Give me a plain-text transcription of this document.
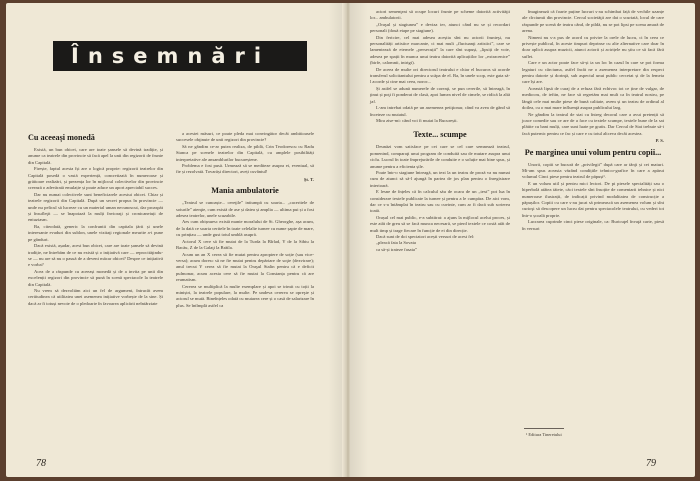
Însemnări
Cu aceeași monedă

Există, un bun obicei, care are toate șansele să devină tradiție, și anume ca teatrele din provincie să facă apel la unii din regizorii de frunte din Capitală.

Firește, faptul acesta își are o logică proprie: regizorii teatrelor din Capitală posedă o vastă experiență, concretizată în numeroase și grăitoare realizări, și prezența lor în mijlocul colectivelor din provincie creează o adevărată emulație și poate aduce un aport apreciabil succes.

Dar nu numai colectivele sunt beneficiarele acestui obicei. Chiar și teatrele regizorii din Capitală. După un secret propus în provincie — unde nu pelicul să lucreze cu un material uman necunoscut, dar proaspăt și însufleţit — se înapoiază la mulți învioraţi și cronicaneiuți de entuziasm.

Ba, citeodată, generic la confruntii din capitala țării și unele interesante evaduri din sublon, unele vizitaţi regionale meurite a-i pune pe gânduri.

Dacă există, așadar, acest bun obicei, care are toate șansele să devină tradiție, ne întrebăm de ce nu există și o inițiativă care — reprocităţindu-se — nu are să nu o pasuă de a deveni măcar obicei? Despre ce inițiativă e vorba?

Acea de a răspunde cu aceeași monedă și de a invita pe unii din excelenții regizori din provincie să pună în scenă spectacole la teatrele din Capitală.

Nu vrem să dezvoltăm aici un fel de argument, întrucât avem certitudinea că utilitatea unei asemenea inițiative vorbește de la sine. Și dacă ar fi totuși nevoie de o pledoarie în favoarea aplicării neîntârziate

a acestei măsuri, ce poate pleda mai convingător decât ambitioasele succesele obţinute de unii regizori din provincie?

Să ne gândim ce-ar putea realiza, de pildă, Crin Teodorescu cu Radu Stanca pe scenele teatrelor din Capitală, cu amplele posibilități interpretative ale ansamblurilor bucureștene.

Problema e fost pusă. Urmează să se mediteze asupra ei, eventual, să fie și rezolvată. Tovarăși directori, aveți cuvântul!

Șt. T.
Mania ambulatorie

„Teatrul se cunoaște... cereţile” intiumpă cu soarta... „caceritele de soiurile” atenţie, cum există de ase și datea și amplia — ultima pui și a fost adesea teatrelor, unele scuzabile.

Aes cum obișnuesc există manie moralului de St. Gheorghe, așa acum, de la dată ce soarta ceritele în toate celelalte turnee cu nume șapte de mare, cu prințiau — unde gust totul umblă asupră.

Actorul X cere să fie mutat de la Turda la Bîrlad, Y de la Sibiu la Bacău, Z de la Galaţi la Brăila.

Acum un an X cerea să fie mutat pentru apropiere de soție (sau vice-versa); acum doresc să ne fie mutat pentru depărtare de soţie (dezvirare); anul trecut Y cerea să fie mutat la Oraşul Stalin pentru că e deficit pulmonar, acum acesta cere să fie mutat la Constanța pentru că are reumatism.

Cererea se multiplică la multe exemplare și apoi se trimit cu toții la miniștri, la teatrele populare, la multe. Pe undeva cererea se opreşte și actorul se mută. Bineînțeles odată cu mutarea cere și o casă de salarizare în plus. Se întîmplă astfel ca

78

actori semenţeai să ocupe locuri frunte pe scheme datorită activităţii lor... ambulatorii.

„Oraşul și stagiunea” e deviza ier, atunci când nu se și recordari personali (două etape pe stagiune).

Din fericire, cel mai adesea aceștia sînt nu actorii frunteşi, nu personalități artistice marcante, ci mai mult „fluctuanţi artistici”, care se lamentează de eternele „persecuții” la care sînt supuși, „lipsiți de voie, adesea pe spații în munca unui teatru datorită aplicațiilor lor „extracenice” (birfe, calomnii, intrigi).

De aceea de multe ori directorul teatrului e chiar el bucuros să acorde transferul solicitantului pentru a scăpa de el. Ba, în unele scop, este gata să-l acorde și cine mai ceea, noroc...

Și astfel se adună numerele de coreaţi, se pun cererile, să întreagă, în ţinut și poţi fi ponderat de clasă, apoi lumea nivel de cimele, se ridică la altă jaf.

L-am intrebat odată pe un asemenea petiţionar, când va avea de gând să înceteze cu mutatul.

Mira zise-mi: când voi fi mutat la București.

Texte... scumpe

Deunăzi vom satisface pe cei care se cel care semnează teatrul, pomenind, comparaţi unui program de conduită sau de mutare asupra unui ciclu. Lucrul în toate împrejurările de conduite e o soluție mai bine spus, și anume pentru a eficienta șile.

Poate într-o stagiune întreagă, un text la un teatru de proză va nu numai cum de atunci să să-l ajungă în partea de jos plan pentru o înregistrare interioară.

E lesne de înțeles că în calculul său de ocara de un „text” pot lua în considerare textele publicate la turnee și pentru a le cumpăra. De aici vom, dar ce s-a întâmplat în teatru sau cu cuvinte, cum ar fi dacă sub scrierea toată.

Orașul cel mai public, e-a subtitrat: a ajuns la mijlocul acelui proces, și este atât de greu să se facă munca necesară, se pierd textele ce costă atât de mult timp și trage fiecare în funcție de ei din direcție.

Dacă sunt de doi spectatori acești versuri de acest fel:

„pleacă fata la Sovata

ca să-și trateze fasata”

îmaginează că foarte puține lucruri s-au schimbat față de vechile uzanțe ale cîrciumii din provincie. Cercul societăţii are dat o scurtată, locul de care răspunde pe scenă de teatru când, de pildă, nu se pot lipsi pe scena amară de arena.

Nimeni nu s-a pus de acord cu privire la orele de lucru, ci în ceea ce privește publicul, în aceste timpuri deprinse cu alte alternative care doar în doar aplică asupra muzicii, atunci actorii și actrițele nu știu ce să facă fără suflet.

Care e un actor poate face să-și ia un loc în cazul în care se pot forma legaturi cu cârciuma, astfel încât ne o asemenea interpretare din respect pentru datorie și dorinţă, sub aspectul unui public cercetat și de la femeia care își are.

Această lipsă de curaj de a refuza fără echivoc tot ce ține de vulgar, de mediocru, de ieftin, ne face să regretăm mai mult ca în teatrul nostru, pe lângă cele mai multe piese de bună calitate, avem și un teatru de ordinul al doilea, cu o mai mare influenţă asupra publicului larg.

Ne gândim la teatrul de stat cu întreg decorul care a avut pretenții să joace comedie sau ce are de a face cu textele scumpe, textele bune de la sat plătite cu bani mulți, care sunt luate pe gratis. Dar Cercul de Stat trebuie să-i facă puternic pentru ce fac și care e cu totul altceva decât acestea.

P. S.
Pe marginea unui volum pentru copii...

Unorii, copiii se bucură de „privilegii” după care ar tânji și cei maturi. Mi-am spus aceasta văzând condițiile tehnico-grafice în care a apărut volumul Cinci piese pentru teatrul de păpuși¹.

E un volum util și pentru mici lectori. De pi piesele specialități sau o hiperbolă atâtea tăiete, căci textele sînt însoțite de comentarii tehnice și nici numeroase ilustrații, de indicații privind modalitatea de construcție a păpușilor. Copiii cu care s-au jucat să primească un asemenea volum și sînt curioşi să descopere un lucru dat pentru spectacolele teatrului, cu vederi tot într-o școală proprie.

Lucrarea cuprinde cinci piese originale, ca: Buricuţel învaţă carte, piesă în versuri

¹ Editura Tineretului
79
